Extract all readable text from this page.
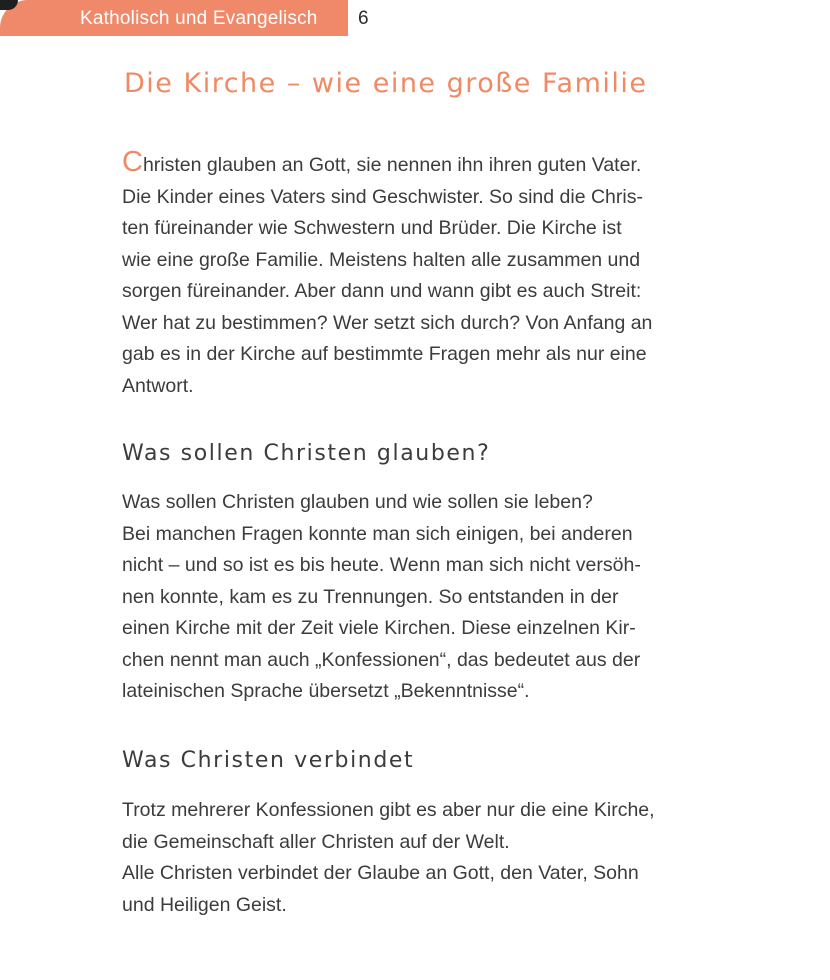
Katholisch und Evangelisch 6
Die Kirche – wie eine große Familie
Christen glauben an Gott, sie nennen ihn ihren guten Vater.
Die Kinder eines Vaters sind Geschwister. So sind die Chris-
ten füreinander wie Schwestern und Brüder. Die Kirche ist
wie eine große Familie. Meistens halten alle zusammen und
sorgen füreinander. Aber dann und wann gibt es auch Streit:
Wer hat zu bestimmen? Wer setzt sich durch? Von Anfang an
gab es in der Kirche auf bestimmte Fragen mehr als nur eine
Antwort.
Was sollen Christen glauben?
Was sollen Christen glauben und wie sollen sie leben?
Bei manchen Fragen konnte man sich einigen, bei anderen
nicht – und so ist es bis heute. Wenn man sich nicht versöh-
nen konnte, kam es zu Trennungen. So entstanden in der
einen Kirche mit der Zeit viele Kirchen. Diese einzelnen Kir-
chen nennt man auch „Konfessionen“, das bedeutet aus der
lateinischen Sprache übersetzt „Bekenntnisse“.
Was Christen verbindet
Trotz mehrerer Konfessionen gibt es aber nur die eine Kirche,
die Gemeinschaft aller Christen auf der Welt.
Alle Christen verbindet der Glaube an Gott, den Vater, Sohn
und Heiligen Geist.
